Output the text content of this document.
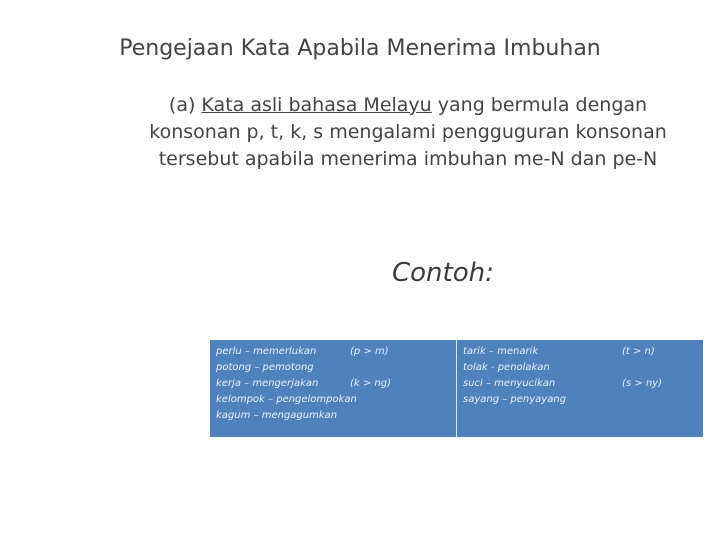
Pengejaan Kata Apabila Menerima Imbuhan
(a) Kata asli bahasa Melayu yang bermula dengan konsonan p, t, k, s mengalami pengguguran konsonan tersebut apabila menerima imbuhan me-N dan pe-N
Contoh:
perlu – memerlukan
potong – pemotong
kerja – mengerjakan
kelompok – pengelompokan
kagum – mengagumkan
(p > m)
(k > ng)
tarik – menarik
tolak - penolakan
suci – menyucikan
sayang – penyayang
(t > n)
(s > ny)
